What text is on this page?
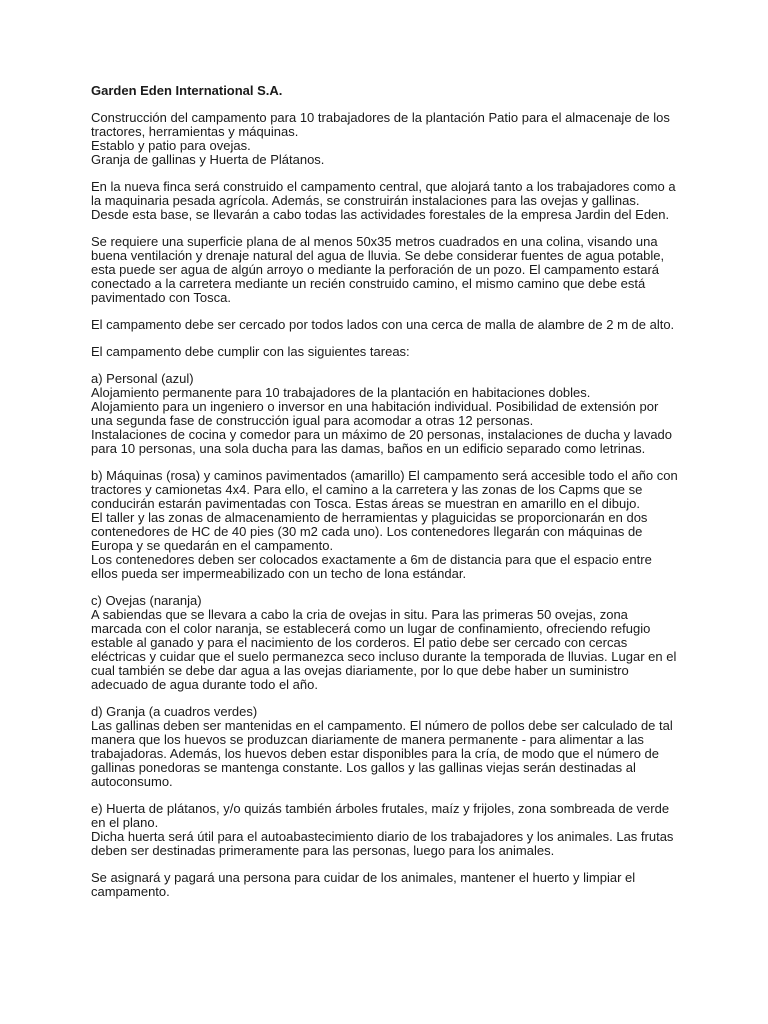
Garden Eden International S.A.
Construcción del campamento para 10 trabajadores de la plantación Patio para el almacenaje de los
tractores, herramientas y máquinas.
Establo y patio para ovejas.
Granja de gallinas y Huerta de Plátanos.
En la nueva finca será construido el campamento central, que alojará tanto a los trabajadores como a
la maquinaria pesada agrícola. Además, se construirán instalaciones para las ovejas y gallinas.
Desde esta base, se llevarán a cabo todas las actividades forestales de la empresa Jardin del Eden.
Se requiere una superficie plana de al menos 50x35 metros cuadrados en una colina, visando una
buena ventilación y drenaje natural del agua de lluvia. Se debe considerar fuentes de agua potable,
esta puede ser agua de algún arroyo o mediante la perforación de un pozo. El campamento estará
conectado a la carretera mediante un recién construido camino, el mismo camino que debe está
pavimentado con Tosca.
El campamento debe ser cercado por todos lados con una cerca de malla de alambre de 2 m de alto.
El campamento debe cumplir con las siguientes tareas:
a) Personal (azul)
Alojamiento permanente para 10 trabajadores de la plantación en habitaciones dobles.
Alojamiento para un ingeniero o inversor en una habitación individual. Posibilidad de extensión por
una segunda fase de construcción igual para acomodar a otras 12 personas.
Instalaciones de cocina y comedor para un máximo de 20 personas, instalaciones de ducha y lavado
para 10 personas, una sola ducha para las damas, baños en un edificio separado como letrinas.
b) Máquinas (rosa) y caminos pavimentados (amarillo) El campamento será accesible todo el año con
tractores y camionetas 4x4. Para ello, el camino a la carretera y las zonas de los Capms que se
conducirán estarán pavimentadas con Tosca. Estas áreas se muestran en amarillo en el dibujo.
El taller y las zonas de almacenamiento de herramientas y plaguicidas se proporcionarán en dos
contenedores de HC de 40 pies (30 m2 cada uno). Los contenedores llegarán con máquinas de
Europa y se quedarán en el campamento.
Los contenedores deben ser colocados exactamente a 6m de distancia para que el espacio entre
ellos pueda ser impermeabilizado con un techo de lona estándar.
c) Ovejas (naranja)
A sabiendas que se llevara a cabo la cria de ovejas in situ. Para las primeras 50 ovejas, zona
marcada con el color naranja, se establecerá como un lugar de confinamiento, ofreciendo refugio
estable al ganado y para el nacimiento de los corderos. El patio debe ser cercado con cercas
eléctricas y cuidar que el suelo permanezca seco incluso durante la temporada de lluvias. Lugar en el
cual también se debe dar agua a las ovejas diariamente, por lo que debe haber un suministro
adecuado de agua durante todo el año.
d) Granja (a cuadros verdes)
Las gallinas deben ser mantenidas en el campamento. El número de pollos debe ser calculado de tal
manera que los huevos se produzcan diariamente de manera permanente - para alimentar a las
trabajadoras. Además, los huevos deben estar disponibles para la cría, de modo que el número de
gallinas ponedoras se mantenga constante. Los gallos y las gallinas viejas serán destinadas al
autoconsumo.
e) Huerta de plátanos, y/o quizás también árboles frutales, maíz y frijoles, zona sombreada de verde
en el plano.
Dicha huerta será útil para el autoabastecimiento diario de los trabajadores y los animales. Las frutas
deben ser destinadas primeramente para las personas, luego para los animales.
Se asignará y pagará una persona para cuidar de los animales, mantener el huerto y limpiar el
campamento.
